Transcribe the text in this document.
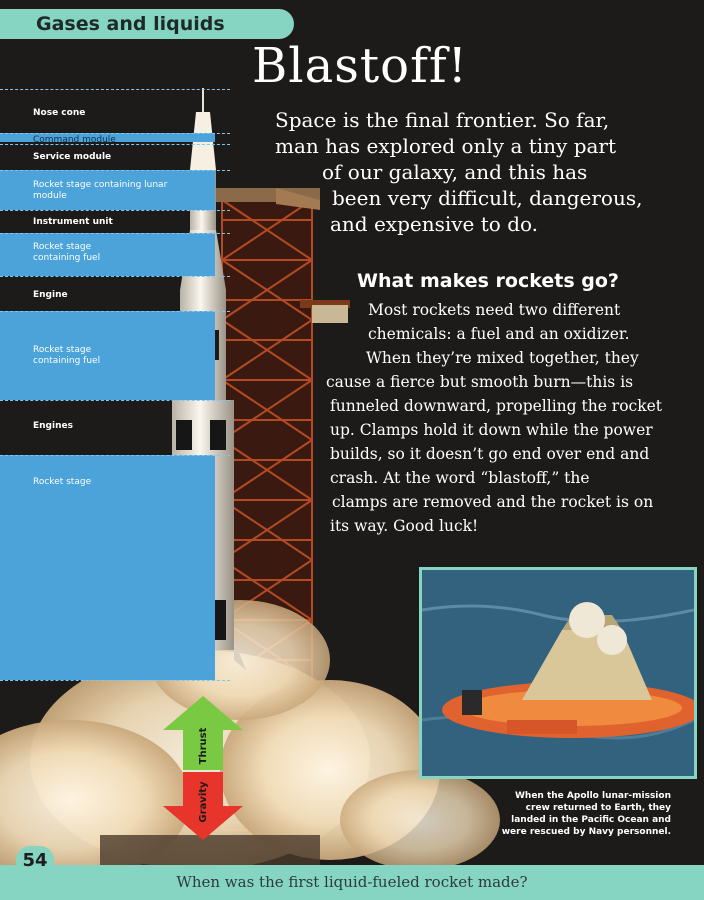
Nose cone
Command module
Service module
Rocket stage containing lunar module
Instrument unit
Rocket stage containing fuel
Engine
Rocket stage containing fuel
Engines
Rocket stage
Gases and liquids
Blastoff!
Space is the final frontier. So far,
man has explored only a tiny part
of our galaxy, and this has
been very difficult, dangerous,
and expensive to do.
What makes rockets go?
Most rockets need two different
chemicals: a fuel and an oxidizer.
When they’re mixed together, they
cause a fierce but smooth burn—this is
funneled downward, propelling the rocket
up. Clamps hold it down while the power
builds, so it doesn’t go end over end and
crash. At the word “blastoff,” the
clamps are removed and the rocket is on
its way. Good luck!
When the Apollo lunar-mission
crew returned to Earth, they
landed in the Pacific Ocean and
were rescued by Navy personnel.
Thrust
Gravity
When was the first liquid-fueled rocket made?
54
